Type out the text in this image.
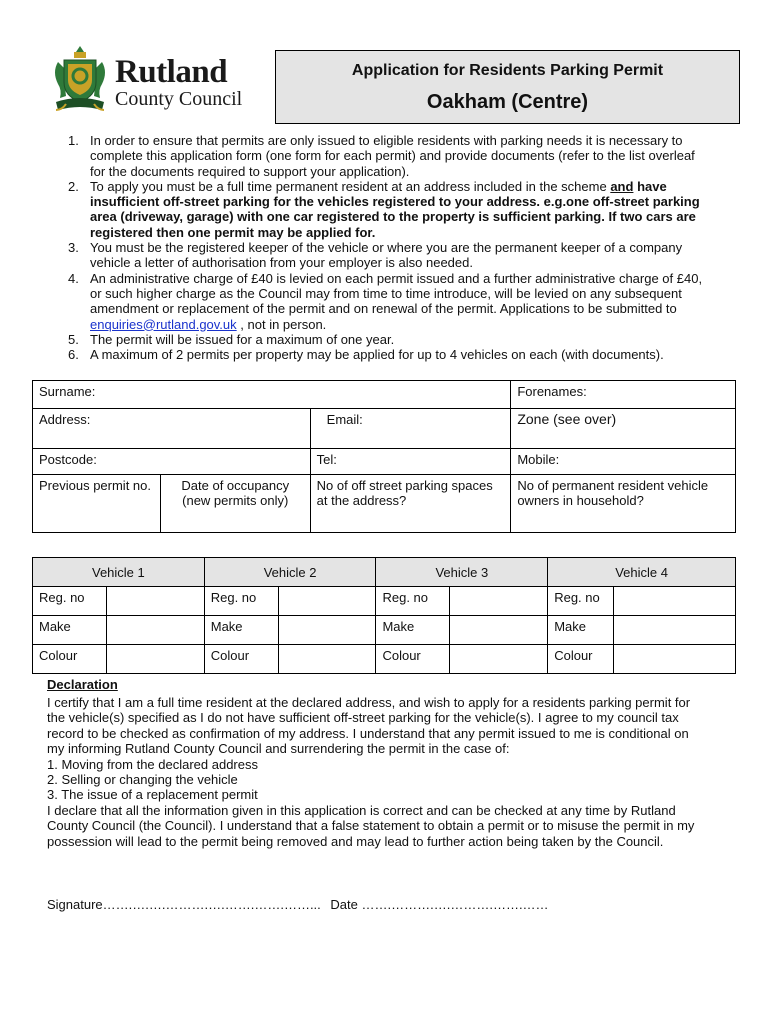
Rutland
County Council
Application for Residents Parking Permit
Oakham (Centre)
1. In order to ensure that permits are only issued to eligible residents with parking needs it is necessary to complete this application form (one form for each permit) and provide documents (refer to the list overleaf for the documents required to support your application).
2. To apply you must be a full time permanent resident at an address included in the scheme and have insufficient off-street parking for the vehicles registered to your address. e.g.one off-street parking area (driveway, garage) with one car registered to the property is sufficient parking. If two cars are registered then one permit may be applied for.
3. You must be the registered keeper of the vehicle or where you are the permanent keeper of a company vehicle a letter of authorisation from your employer is also needed.
4. An administrative charge of £40 is levied on each permit issued and a further administrative charge of £40, or such higher charge as the Council may from time to time introduce, will be levied on any subsequent amendment or replacement of the permit and on renewal of the permit. Applications to be submitted to enquiries@rutland.gov.uk , not in person.
5. The permit will be issued for a maximum of one year.
6. A maximum of 2 permits per property may be applied for up to 4 vehicles on each (with documents).
Surname:			Forenames:
Address:		Email:	Zone (see over)
Postcode:		Tel:	Mobile:
Previous permit no.	Date of occupancy (new permits only)	No of off street parking spaces at the address?	No of permanent resident vehicle owners in household?
Vehicle 1		Vehicle 2		Vehicle 3		Vehicle 4	
Reg. no		Reg. no		Reg. no		Reg. no	
Make		Make		Make		Make	
Colour		Colour		Colour		Colour	
Declaration
I certify that I am a full time resident at the declared address, and wish to apply for a residents parking permit for the vehicle(s) specified as I do not have sufficient off-street parking for the vehicle(s). I agree to my council tax record to be checked as confirmation of my address. I understand that any permit issued to me is conditional on my informing Rutland County Council and surrendering the permit in the case of:
1. Moving from the declared address
2. Selling or changing the vehicle
3. The issue of a replacement permit
I declare that all the information given in this application is correct and can be checked at any time by Rutland County Council (the Council). I understand that a false statement to obtain a permit or to misuse the permit in my possession will lead to the permit being removed and may lead to further action being taken by the Council.
Signature…….….….……….….…….…….……... Date …….……….….……….…….……
